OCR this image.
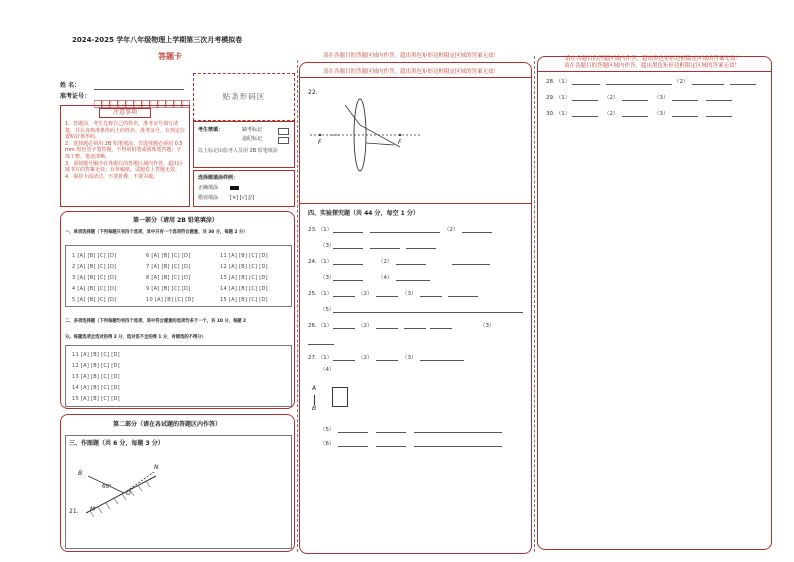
2024-2025 学年八年级物理上学期第三次月考模拟卷
答题卡
姓 名：
准考证号：	贴条形码区
注意事项
1．答题前，考生先将自己的姓名，准考证号填写清楚，并认真核准条形码上的姓名、准考证号，在规定位置贴好条形码。
2．选择题必须用 2B 铅笔填涂；非选择题必须用 0.5 mm 黑色签字笔答题，不得用铅笔或圆珠笔答题；字体工整、笔迹清晰。
3．请按题号顺序在各题目的答题区域内作答，超出区域书写的答案无效；在草稿纸、试题卷上答题无效。
4．保持卡面清洁，不要折叠，不要弄破。
考生禁填：	缺考标记
违纪标记
以上标记由监考人员用 2B 铅笔填涂
选择题填涂样例：
正确填涂
错误填涂 [×] [√] [/]
第一部分（请用 2B 铅笔填涂）
一、单项选择题（下列每题只有四个选项，其中只有一个选项符合题意，共 30 分，每题 2 分）
1 [A] [B] [C] [D]
2 [A] [B] [C] [D]
3 [A] [B] [C] [D]
4 [A] [B] [C] [D]
5 [A] [B] [C] [D]
6 [A] [B] [C] [D]
7 [A] [B] [C] [D]
8 [A] [B] [C] [D]
9 [A] [B] [C] [D]
10 [A] [B] [C] [D]
11 [A] [B] [C] [D]
12 [A] [B] [C] [D]
13 [A] [B] [C] [D]
14 [A] [B] [C] [D]
15 [A] [B] [C] [D]
二、多项选择题（下列每题均有四个选项，其中符合题意的选项均多于一个，共 10 分，每题 2
分。每题选项全选对的得 2 分，选对但不全的得 1 分，有错选的不得分）
11 [A] [B] [C] [D]
12 [A] [B] [C] [D]
13 [A] [B] [C] [D]
14 [A] [B] [C] [D]
15 [A] [B] [C] [D]
第二部分（请在各试题的答题区内作答）
三、作图题（共 6 分，每题 3 分）
B
N
O
60°
M
21.
请在各题目的答题区域内作答，超出黑色矩形边框限定区域的答案无效！
请在各题目的答题区域内作答，超出黑色矩形边框限定区域的答案无效！
22.
F	F
四、实验探究题（共 44 分，每空 1 分）
23．（1）	（2）
（3）
24．（1）	（2）
（3）	（4）
25．（1）	（2）	（3）
（5）
26．（1）	（2）	（3）
27．（1）	（2）	（3）
（4）
A
B
（5）
（6）
请在各题目的答题区域内作答，超出黑色矩形边框限定区域的答案无效！
请在各题目的答题区域内作答，超出黑色矩形边框限定区域的答案无效！
28．（1）	（2）
29．（1）	（2）	（3）
30．（1）	（2）	（3）
